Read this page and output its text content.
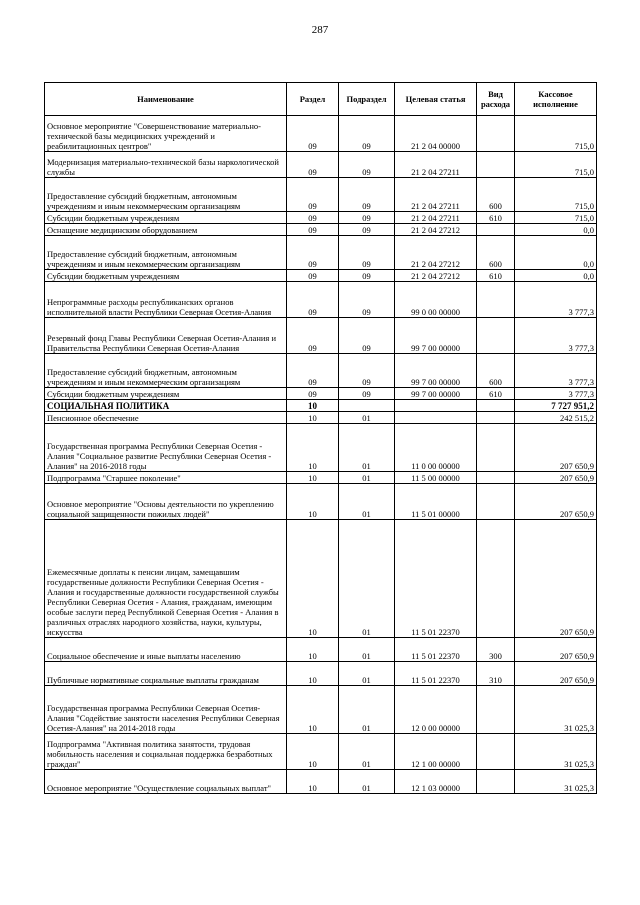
287
Наименование	Раздел	Подраздел	Целевая статья	Вид расхода	Кассовое исполнение
Основное мероприятие "Совершенствование материально-технической базы медицинских учреждений и реабилитационных центров"	09	09	21 2 04 00000		715,0
Модернизация материально-технической базы наркологической службы	09	09	21 2 04 27211		715,0
Предоставление субсидий бюджетным, автономным учреждениям и иным некоммерческим организациям	09	09	21 2 04 27211	600	715,0
Субсидии бюджетным учреждениям	09	09	21 2 04 27211	610	715,0
Оснащение медицинским оборудованием	09	09	21 2 04 27212		0,0
Предоставление субсидий бюджетным, автономным учреждениям и иным некоммерческим организациям	09	09	21 2 04 27212	600	0,0
Субсидии бюджетным учреждениям	09	09	21 2 04 27212	610	0,0
Непрограммные расходы республиканских органов исполнительной власти Республики Северная Осетия-Алания	09	09	99 0 00 00000		3 777,3
Резервный фонд Главы Республики Северная Осетия-Алания и Правительства Республики Северная Осетия-Алания	09	09	99 7 00 00000		3 777,3
Предоставление субсидий бюджетным, автономным учреждениям и иным некоммерческим организациям	09	09	99 7 00 00000	600	3 777,3
Субсидии бюджетным учреждениям	09	09	99 7 00 00000	610	3 777,3
СОЦИАЛЬНАЯ ПОЛИТИКА	10				7 727 951,2
Пенсионное обеспечение	10	01			242 515,2
Государственная программа Республики Северная Осетия - Алания "Социальное развитие Республики Северная Осетия - Алания" на 2016-2018 годы	10	01	11 0 00 00000		207 650,9
Подпрограмма "Старшее поколение"	10	01	11 5 00 00000		207 650,9
Основное мероприятие "Основы деятельности по укреплению социальной защищенности пожилых людей"	10	01	11 5 01 00000		207 650,9
Ежемесячные доплаты к пенсии лицам, замещавшим государственные должности Республики Северная Осетия - Алания и государственные должности государственной службы Республики Северная Осетия - Алания, гражданам, имеющим особые заслуги перед Республикой Северная Осетия - Алания в различных отраслях народного хозяйства, науки, культуры, искусства	10	01	11 5 01 22370		207 650,9
Социальное обеспечение и иные выплаты населению	10	01	11 5 01 22370	300	207 650,9
Публичные нормативные социальные выплаты гражданам	10	01	11 5 01 22370	310	207 650,9
Государственная программа Республики Северная Осетия-Алания "Содействие занятости населения Республики Северная Осетия-Алания" на 2014-2018 годы	10	01	12 0 00 00000		31 025,3
Подпрограмма "Активная политика занятости, трудовая мобильность населения и социальная поддержка безработных граждан"	10	01	12 1 00 00000		31 025,3
Основное мероприятие "Осуществление социальных выплат"	10	01	12 1 03 00000		31 025,3
